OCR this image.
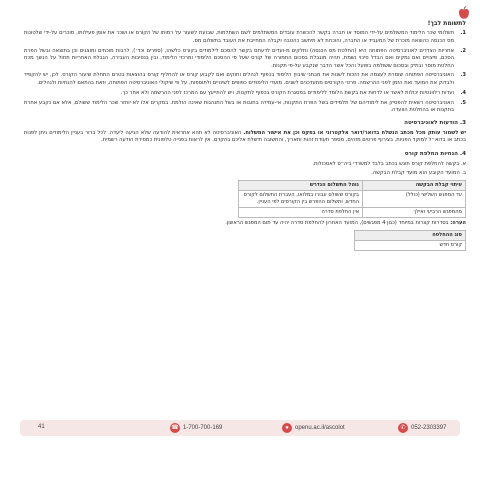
לתשומת לבך!
1.
תשלומי שכר הלימוד המשולמים על-ידי המוסד או חברה בקשר להכשרת עובדים המשתלמים לשם השתלמות, שבועת לשעור על רמותו של הקורס או ושכר את אופן פעילותו, מוכרים על-ידי שלטונות מס הכנסה כהוצאה מוכרת של המעביד או החברה, והוכחת לא תיחשב כהטבה וקבלה המחייבת את העובד בתשלום מס.
2.
אחריות הצדדים לאוניברסיטה הפתוחה היא (החלטת מס הכנסה) וחלקים מ-ועדים לדעתם בקשר להסכם לילמודים בקורס כלשהו, (ספרים וכד׳), לרבות מוכחים ומוצגים וכן בתוצאה ובשל הפרת הסכם, פיצויים ואם נמקים ואם הבדל סיכוי נשמת, תהיה מוגבלת בסכום התמורה של קורס שעל פי ההסכם הלימודי ומרכזי הלימוד, ובין בנסיבות העבירה, הגבלת האחריות תחול על הנשך מכח החלטת מוסר ובתיק ובסכום ששולמה בפועל והכל אשר הדבר שנקבע על-פי תקנות.
3.
האוניברסיטה הפתוחה שומרת לעצמה את הזכות לשנות את מבחני שיבוץ הלימוד בכפוף לנהלים וחוקים ואם לקבוע קורס או להחליף קורס בהוצאות בטרם התחלת שיעור הקורס. לכן, יש להקפיד ולבדוק את המועד ואת הזמן לפני ההרשמה. פרטי הקורסים מתעדכנים לשנים. מועדי הלימודים כפופים לשינויים ולתוספות, על פי שיקולי האוניברסיטה הפתוחה, וזאת בהתאם להנחיות ולנהלים.
4.
ועדות רלוונטיות יכולות לאשר או לדחות את בקשת הלומד ללימודים במסגרת הקורס בכפוף לתקנות, ויש להתייעץ עם המרכז לפני ההרשמה ולא אחר כך.
5.
האוניברסיטה רשאית להפסיק את לימודיהם של תלמידים בשל הפרת התקנות, אי-עמידה בחובות או בשל התנהגות שאינה הולמת. במקרים אלו לא יוחזר שכר הלימוד ששולם, אלא אם נקבע אחרת בתקנות או בהחלטת הוועדה.
3. הודעות לאוניברסיטה
יש לשמור עותק מכל מכתב הנשלח בדואר/דואר אלקטרוני או בפקס וכן את אישור המשלוח. האוניברסיטה לא תהא אחראית להודעה שלא הגיעה ליעדה. לכל ברור בעניין הלימודים ניתן לפנות בכתב או בדוא״ל למוקד הפניות, בצירוף פרטים מזהים, מספר תעודת זהות ותאריך, והתשובה תישלח אליכם בהקדם. אין לראות בפנייה טלפונית כמסירת הודעה רשמית.
4. הנחיות החלפת קורס
א. בקשה להחלפת קורס תוגש בכתב בלבד למשרדי ביה״ס לאסכולות.
ב. המועד הקובע הוא מועד קבלת הבקשה.
עיתוי קבלת הבקשה	נוהל התשלום הנדרש
עד המפגש השלישי (כולל)	בקורס ששולם עבורו במלואו, העברת התשלום לקורס החדש, ותשלום ההפרש בין הקורסים לפי העניין.
מהמפגש הרביעי ואילך	אין החלפת סדרה
הערה: בסדרות קצרות במיוחד (כגון 4 מפגשים), המועד האחרון להחלפת סדרה יהיה עד תום המפגש הראשון.
סוג ההחלפה
קורס חדש
41	☎ 1-700-700-169	●	openu.ac.il/ascolot	✆ 052-2303397
